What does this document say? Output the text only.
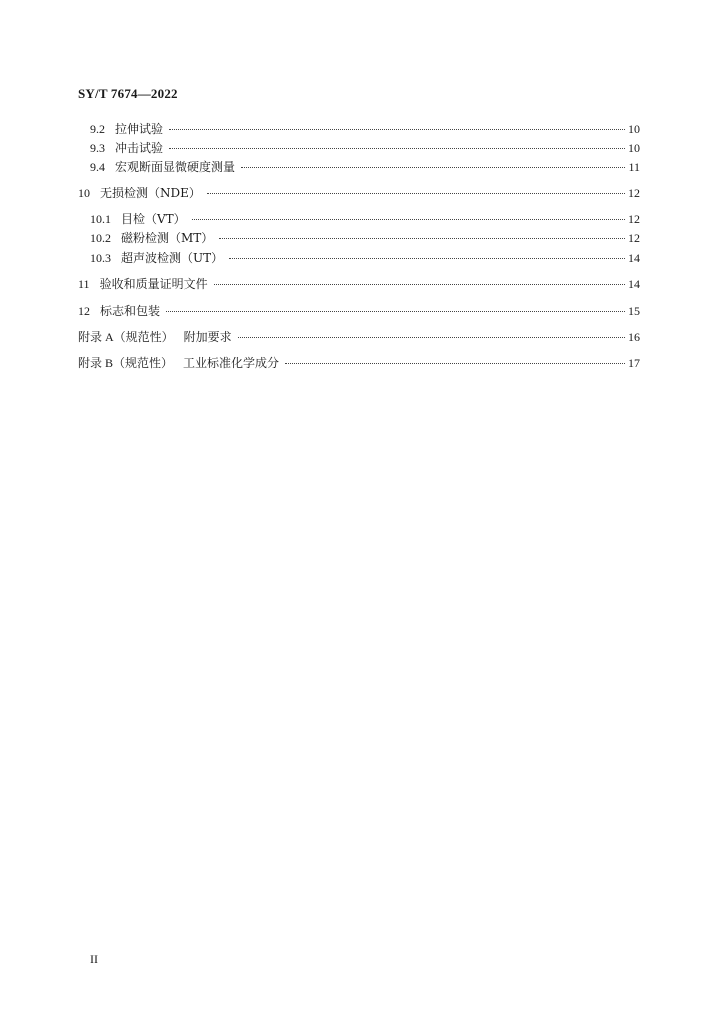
SY/T 7674—2022
9.2 拉伸试验	10
9.3 冲击试验	10
9.4 宏观断面显微硬度测量	11
10 无损检测（NDE）	12
10.1 目检（VT）	12
10.2 磁粉检测（MT）	12
10.3 超声波检测（UT）	14
11 验收和质量证明文件	14
12 标志和包装	15
附录 A（规范性） 附加要求	16
附录 B（规范性） 工业标准化学成分	17
II
